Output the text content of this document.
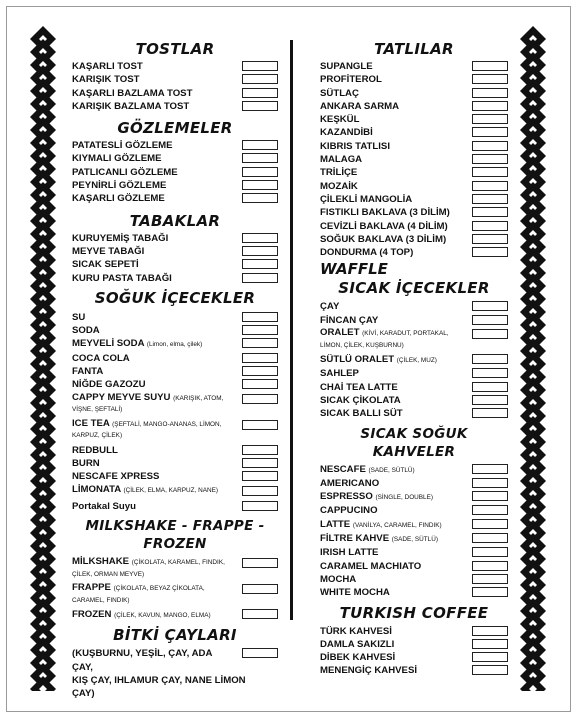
TOSTLAR
KAŞARLI TOST
KARIŞIK TOST
KAŞARLI BAZLAMA TOST
KARIŞIK BAZLAMA TOST
GÖZLEMELER
PATATESLİ GÖZLEME
KIYMALI GÖZLEME
PATLICANLI GÖZLEME
PEYNİRLİ GÖZLEME
KAŞARLI GÖZLEME
TABAKLAR
KURUYEMİŞ TABAĞI
MEYVE TABAĞI
SICAK SEPETİ
KURU PASTA TABAĞI
SOĞUK İÇECEKLER
SU
SODA
MEYVELİ SODA (Limon, elma, çilek)
COCA COLA
FANTA
NİĞDE GAZOZU
CAPPY MEYVE SUYU (KARIŞIK, ATOM, VİŞNE, ŞEFTALİ)
ICE TEA (ŞEFTALİ, MANGO-ANANAS, LİMON, KARPUZ, ÇİLEK)
REDBULL
BURN
NESCAFE XPRESS
LİMONATA (ÇİLEK, ELMA, KARPUZ, NANE)
Portakal Suyu
MILKSHAKE - FRAPPE - FROZEN
MİLKSHAKE (ÇİKOLATA, KARAMEL, FINDIK, ÇİLEK, ORMAN MEYVE)
FRAPPE (ÇİKOLATA, BEYAZ ÇİKOLATA, CARAMEL, FINDIK)
FROZEN (ÇİLEK, KAVUN, MANGO, ELMA)
BİTKİ ÇAYLARI
(KUŞBURNU, YEŞİL, ÇAY, ADA ÇAY,
KIŞ ÇAY, IHLAMUR ÇAY, NANE LİMON ÇAY)
TATLILAR
SUPANGLE
PROFİTEROL
SÜTLAÇ
ANKARA SARMA
KEŞKÜL
KAZANDİBİ
KIBRIS TATLISI
MALAGA
TRİLİÇE
MOZAİK
ÇİLEKLİ MANGOLİA
FISTIKLI BAKLAVA (3 DİLİM)
CEVİZLİ BAKLAVA (4 DİLİM)
SOĞUK BAKLAVA (3 DİLİM)
DONDURMA (4 TOP)
WAFFLE
SICAK İÇECEKLER
ÇAY
FİNCAN ÇAY
ORALET (KİVİ, KARADUT, PORTAKAL, LİMON, ÇİLEK, KUŞBURNU)
SÜTLÜ ORALET (ÇİLEK, MUZ)
SAHLEP
CHAİ TEA LATTE
SICAK ÇİKOLATA
SICAK BALLI SÜT
SICAK SOĞUK KAHVELER
NESCAFE (SADE, SÜTLÜ)
AMERICANO
ESPRESSO (SİNGLE, DOUBLE)
CAPPUCINO
LATTE (VANİLYA, CARAMEL, FINDIK)
FİLTRE KAHVE (SADE, SÜTLÜ)
IRISH LATTE
CARAMEL MACHIATO
MOCHA
WHITE MOCHA
TURKISH COFFEE
TÜRK KAHVESİ
DAMLA SAKIZLI
DİBEK KAHVESİ
MENENGİÇ KAHVESİ
